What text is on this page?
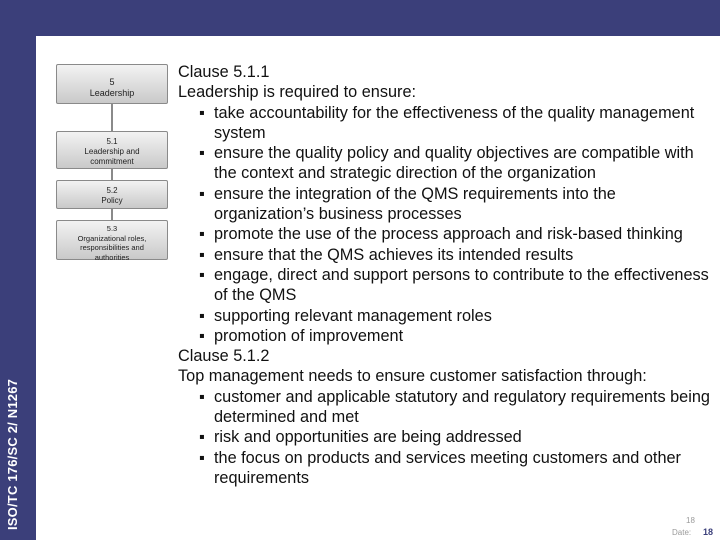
ISO/TC 176/SC 2/ N1267
5
Leadership
5.1
Leadership and
commitment
5.2
Policy
5.3
Organizational roles,
responsibilities and
authorities
Clause 5.1.1
Leadership is required to ensure:
▪ take accountability for the effectiveness of the quality management system
▪ ensure the quality policy and quality objectives are compatible with the context and strategic direction of the organization
▪ ensure the integration of the QMS requirements into the organization’s business processes
▪ promote the use of the process approach and risk-based thinking
▪ ensure that the QMS achieves its intended results
▪ engage, direct and support persons to contribute to the effectiveness of the QMS
▪ supporting relevant management roles
▪ promotion of improvement
Clause 5.1.2
Top management needs to ensure customer satisfaction through:
▪ customer and applicable statutory and regulatory requirements being determined and met
▪ risk and opportunities are being addressed
▪ the focus on products and services meeting customers and other requirements
18
Date: 18
